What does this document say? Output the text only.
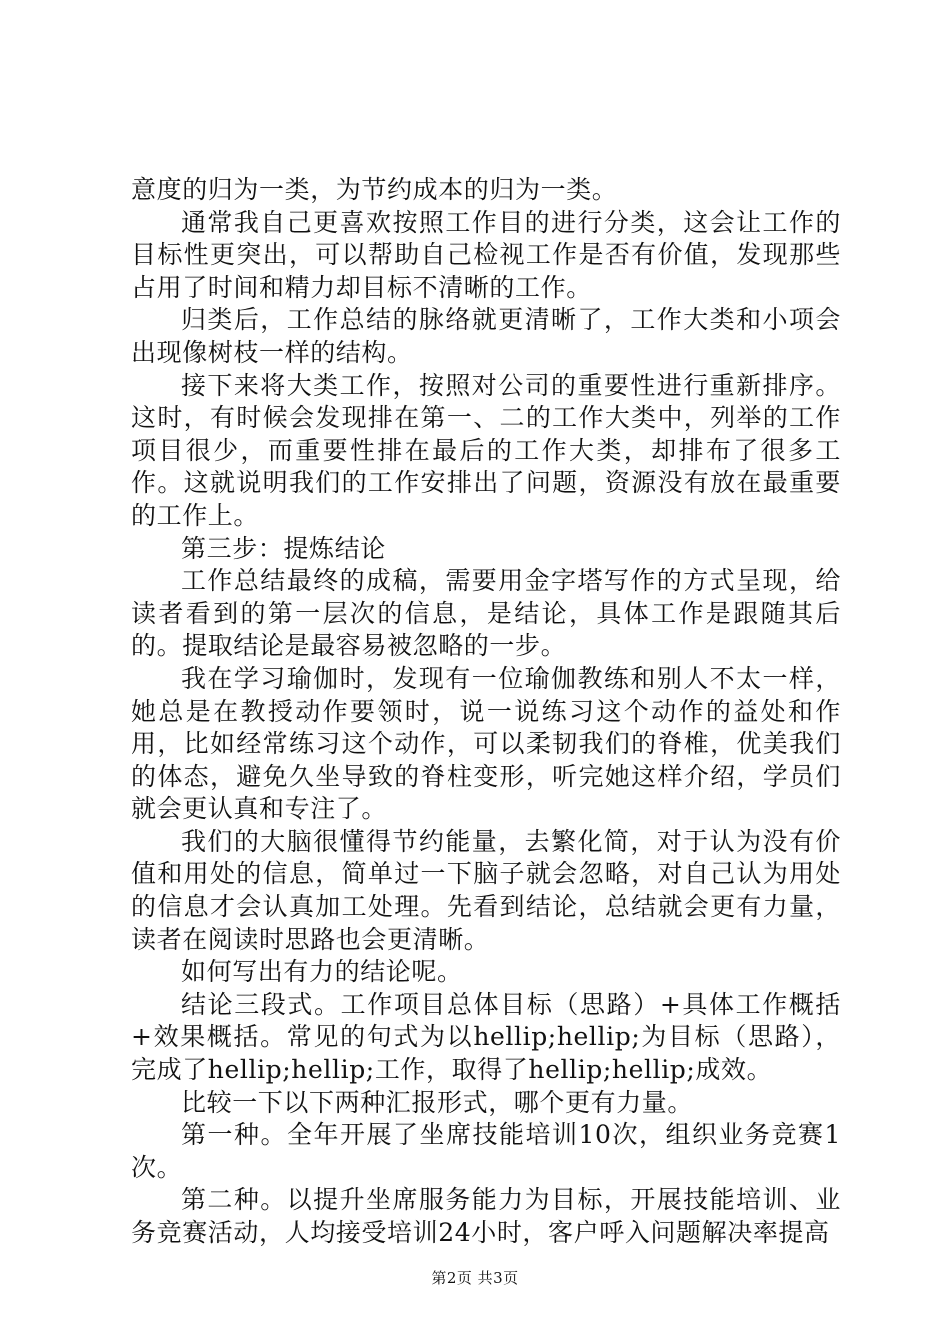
意度的归为一类，为节约成本的归为一类。

通常我自己更喜欢按照工作目的进行分类，这会让工作的目标性更突出，可以帮助自己检视工作是否有价值，发现那些占用了时间和精力却目标不清晰的工作。

归类后，工作总结的脉络就更清晰了，工作大类和小项会出现像树枝一样的结构。

接下来将大类工作，按照对公司的重要性进行重新排序。这时，有时候会发现排在第一、二的工作大类中，列举的工作项目很少，而重要性排在最后的工作大类，却排布了很多工作。这就说明我们的工作安排出了问题，资源没有放在最重要的工作上。

第三步：提炼结论

工作总结最终的成稿，需要用金字塔写作的方式呈现，给读者看到的第一层次的信息，是结论，具体工作是跟随其后的。提取结论是最容易被忽略的一步。

我在学习瑜伽时，发现有一位瑜伽教练和别人不太一样，她总是在教授动作要领时，说一说练习这个动作的益处和作用，比如经常练习这个动作，可以柔韧我们的脊椎，优美我们的体态，避免久坐导致的脊柱变形，听完她这样介绍，学员们就会更认真和专注了。

我们的大脑很懂得节约能量，去繁化简，对于认为没有价值和用处的信息，简单过一下脑子就会忽略，对自己认为用处的信息才会认真加工处理。先看到结论，总结就会更有力量，读者在阅读时思路也会更清晰。

如何写出有力的结论呢。

结论三段式。工作项目总体目标（思路）+具体工作概括+效果概括。常见的句式为以hellip;hellip;为目标（思路），完成了hellip;hellip;工作，取得了hellip;hellip;成效。

比较一下以下两种汇报形式，哪个更有力量。

第一种。全年开展了坐席技能培训10次，组织业务竞赛1次。

第二种。以提升坐席服务能力为目标，开展技能培训、业务竞赛活动，人均接受培训24小时，客户呼入问题解决率提高

第2页 共3页
